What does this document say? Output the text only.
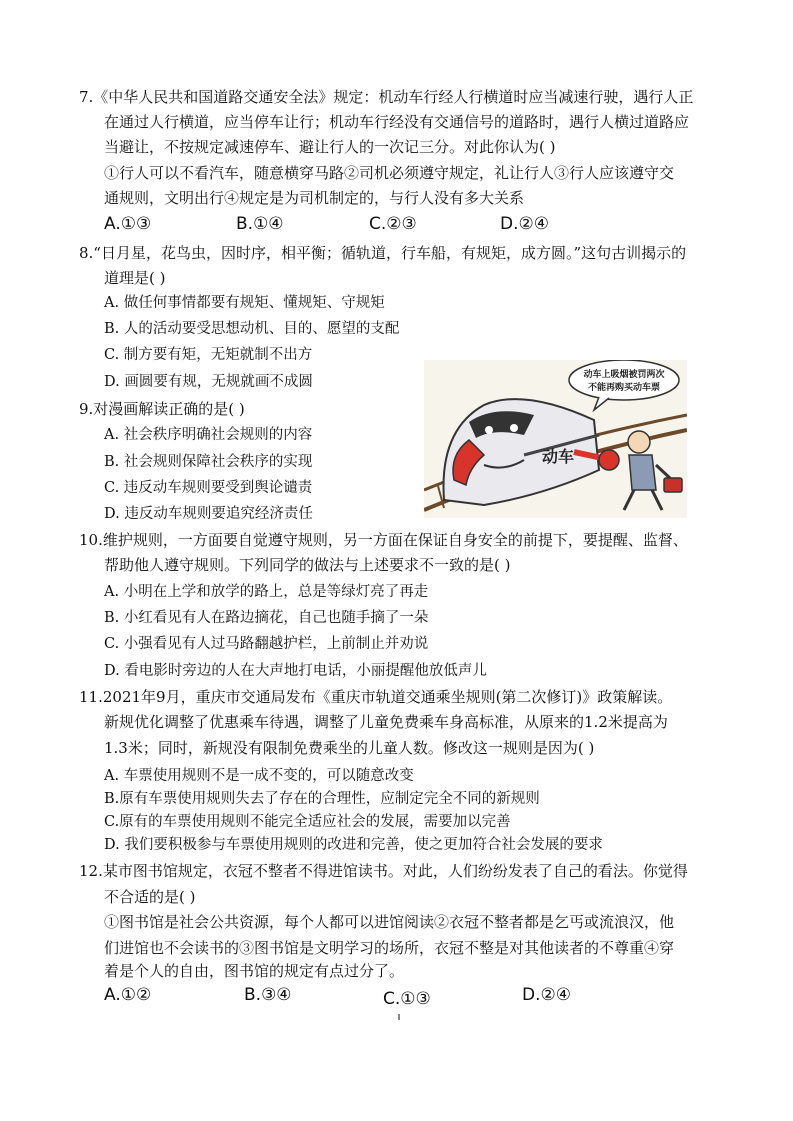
7.《中华人民共和国道路交通安全法》规定：机动车行经人行横道时应当减速行驶，遇行人正
在通过人行横道，应当停车让行；机动车行经没有交通信号的道路时，遇行人横过道路应
当避让，不按规定减速停车、避让行人的一次记三分。对此你认为( )
①行人可以不看汽车，随意横穿马路②司机必须遵守规定，礼让行人③行人应该遵守交
通规则，文明出行④规定是为司机制定的，与行人没有多大关系
A.①③	B.①④	C.②③	D.②④
8.“日月星，花鸟虫，因时序，相平衡；循轨道，行车船，有规矩，成方圆。”这句古训揭示的
道理是( )
A. 做任何事情都要有规矩、懂规矩、守规矩
B. 人的活动要受思想动机、目的、愿望的支配
C. 制方要有矩，无矩就制不出方
D. 画圆要有规，无规就画不成圆
9.对漫画解读正确的是( )
A. 社会秩序明确社会规则的内容
B. 社会规则保障社会秩序的实现
C. 违反动车规则要受到舆论谴责
D. 违反动车规则要追究经济责任
动车
动车上吸烟被罚两次
不能再购买动车票
10.维护规则，一方面要自觉遵守规则，另一方面在保证自身安全的前提下，要提醒、监督、
帮助他人遵守规则。下列同学的做法与上述要求不一致的是( )
A. 小明在上学和放学的路上，总是等绿灯亮了再走
B. 小红看见有人在路边摘花，自己也随手摘了一朵
C. 小强看见有人过马路翻越护栏，上前制止并劝说
D. 看电影时旁边的人在大声地打电话，小丽提醒他放低声儿
11.2021年9月，重庆市交通局发布《重庆市轨道交通乘坐规则(第二次修订)》政策解读。
新规优化调整了优惠乘车待遇，调整了儿童免费乘车身高标准，从原来的1.2米提高为
1.3米；同时，新规没有限制免费乘坐的儿童人数。修改这一规则是因为( )
A. 车票使用规则不是一成不变的，可以随意改变
B.原有车票使用规则失去了存在的合理性，应制定完全不同的新规则
C.原有的车票使用规则不能完全适应社会的发展，需要加以完善
D. 我们要积极参与车票使用规则的改进和完善，使之更加符合社会发展的要求
12.某市图书馆规定，衣冠不整者不得进馆读书。对此，人们纷纷发表了自己的看法。你觉得
不合适的是( )
①图书馆是社会公共资源，每个人都可以进馆阅读②衣冠不整者都是乞丐或流浪汉，他
们进馆也不会读书的③图书馆是文明学习的场所，衣冠不整是对其他读者的不尊重④穿
着是个人的自由，图书馆的规定有点过分了。
A.①②	B.③④	C.①③	D.②④
